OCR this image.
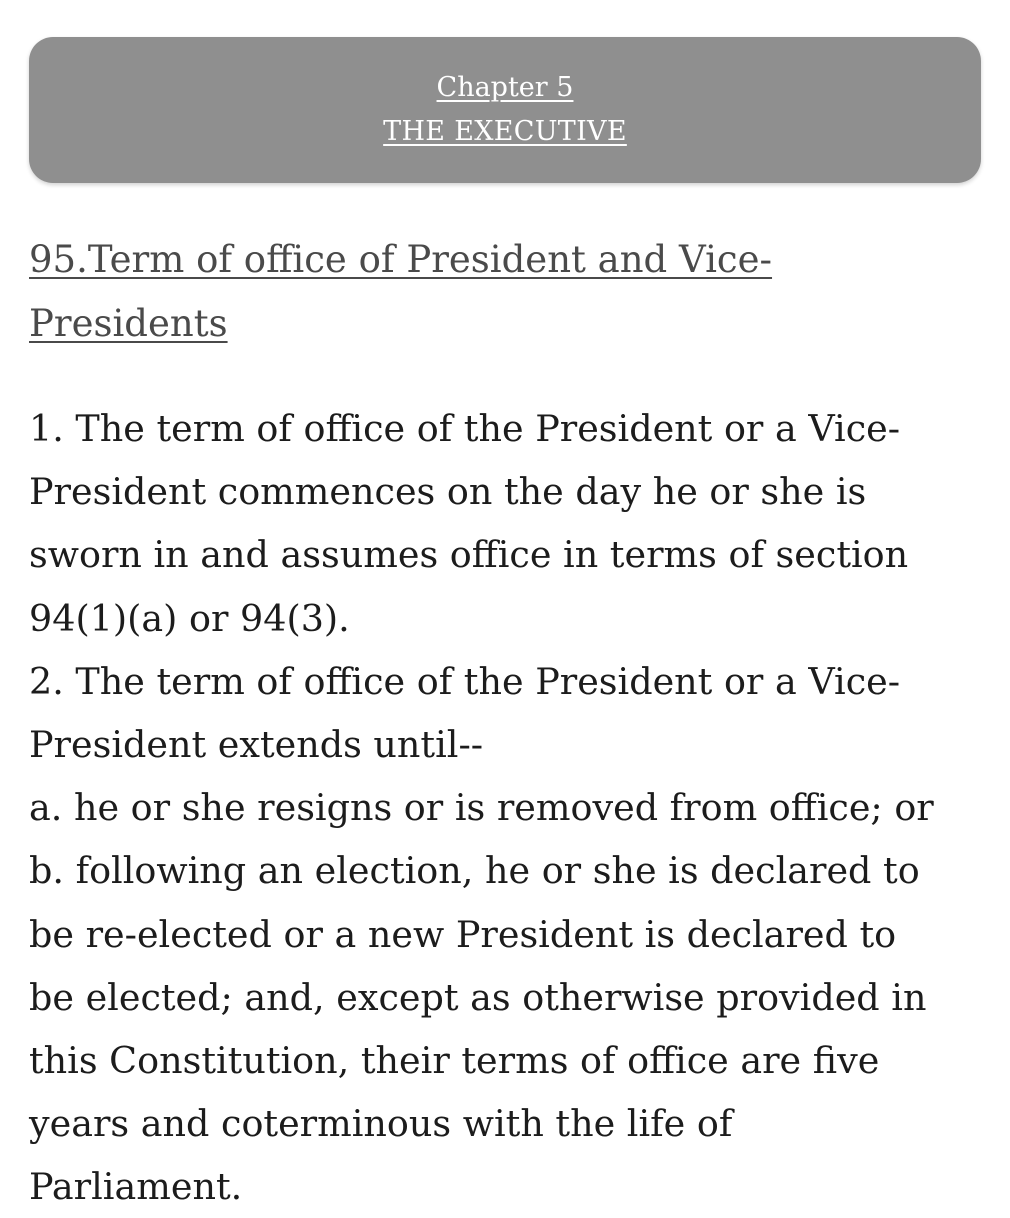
Chapter 5
THE EXECUTIVE
95.Term of office of President and Vice-Presidents
1. The term of office of the President or a Vice-
President commences on the day he or she is
sworn in and assumes office in terms of section
94(1)(a) or 94(3).
2. The term of office of the President or a Vice-
President extends until--
a. he or she resigns or is removed from office; or
b. following an election, he or she is declared to
be re-elected or a new President is declared to
be elected; and, except as otherwise provided in
this Constitution, their terms of office are five
years and coterminous with the life of
Parliament.
